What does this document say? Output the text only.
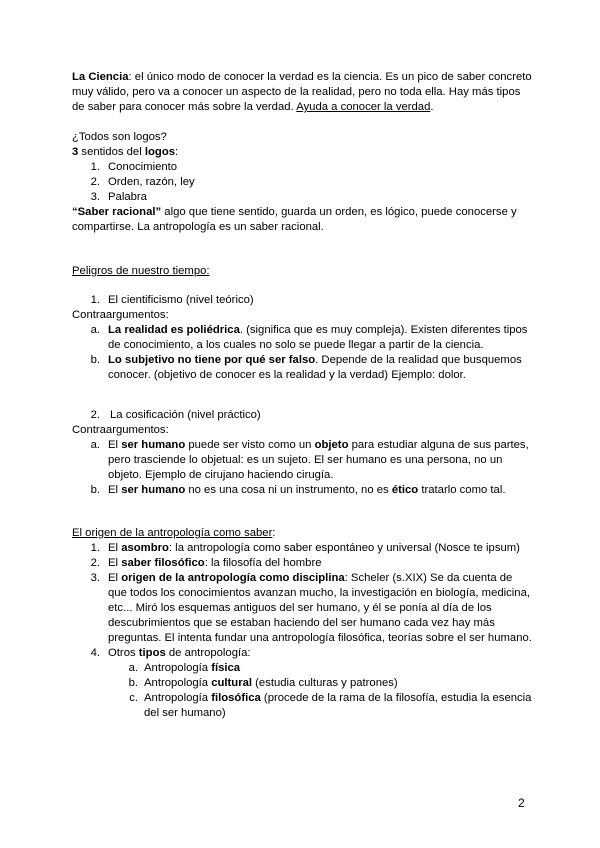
La Ciencia: el único modo de conocer la verdad es la ciencia. Es un pico de saber concreto muy válido, pero va a conocer un aspecto de la realidad, pero no toda ella. Hay más tipos de saber para conocer más sobre la verdad. Ayuda a conocer la verdad.

¿Todos son logos?

3 sentidos del logos:

1. Conocimiento
2. Orden, razón, ley
3. Palabra

“Saber racional” algo que tiene sentido, guarda un orden, es lógico, puede conocerse y compartirse. La antropología es un saber racional.

Peligros de nuestro tiempo:

1. El cientificismo (nivel teórico)

Contraargumentos:

a. La realidad es poliédrica. (significa que es muy compleja). Existen diferentes tipos de conocimiento, a los cuales no solo se puede llegar a partir de la ciencia.
b. Lo subjetivo no tiene por qué ser falso. Depende de la realidad que busquemos conocer. (objetivo de conocer es la realidad y la verdad) Ejemplo: dolor.
2. La cosificación (nivel práctico)

Contraargumentos:

a. El ser humano puede ser visto como un objeto para estudiar alguna de sus partes, pero trasciende lo objetual: es un sujeto. El ser humano es una persona, no un objeto. Ejemplo de cirujano haciendo cirugía.
b. El ser humano no es una cosa ni un instrumento, no es ético tratarlo como tal.

El origen de la antropología como saber:

1. El asombro: la antropología como saber espontáneo y universal (Nosce te ipsum)
2. El saber filosófico: la filosofía del hombre
3. El origen de la antropología como disciplina: Scheler (s.XIX) Se da cuenta de que todos los conocimientos avanzan mucho, la investigación en biología, medicina, etc... Miró los esquemas antiguos del ser humano, y él se ponía al día de los descubrimientos que se estaban haciendo del ser humano cada vez hay más preguntas. El intenta fundar una antropología filosófica, teorías sobre el ser humano.
4. Otros tipos de antropología:
a. Antropología física
b. Antropología cultural (estudia culturas y patrones)
c. Antropología filosófica (procede de la rama de la filosofía, estudia la esencia del ser humano)
2
